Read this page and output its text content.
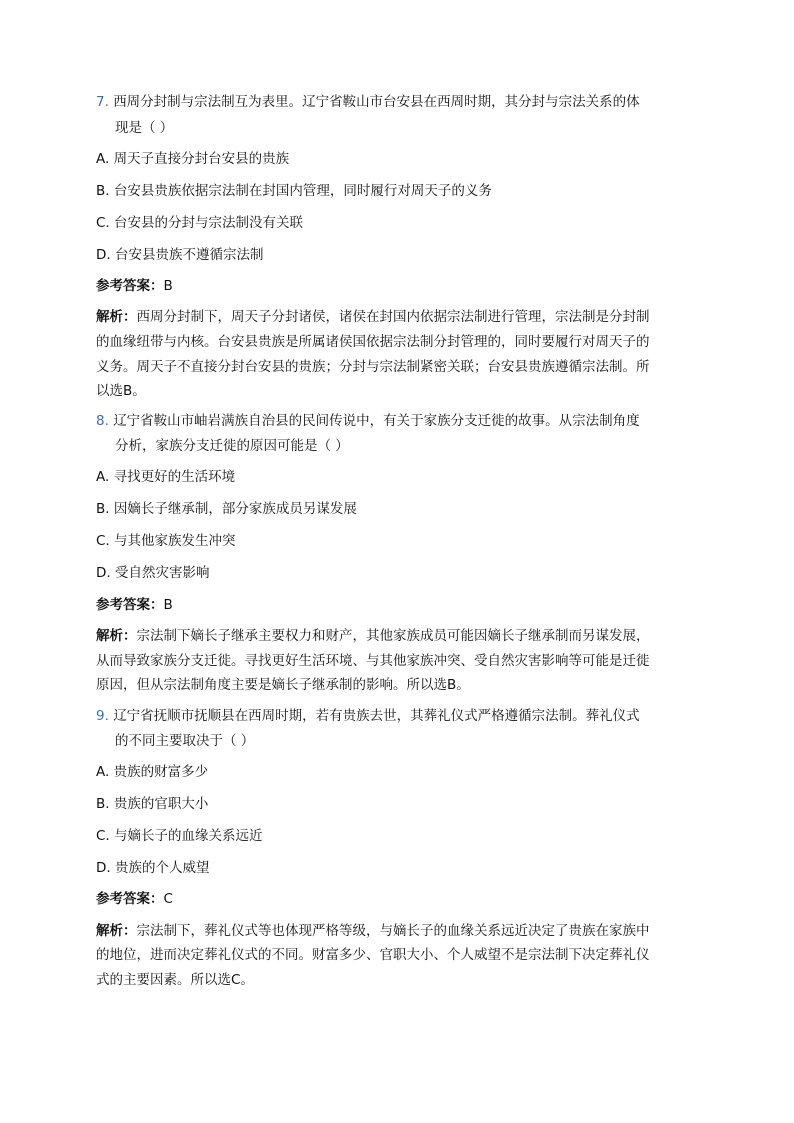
7. 西周分封制与宗法制互为表里。辽宁省鞍山市台安县在西周时期，其分封与宗法关系的体
现是（ ）
A. 周天子直接分封台安县的贵族
B. 台安县贵族依据宗法制在封国内管理，同时履行对周天子的义务
C. 台安县的分封与宗法制没有关联
D. 台安县贵族不遵循宗法制
参考答案：B
解析：西周分封制下，周天子分封诸侯，诸侯在封国内依据宗法制进行管理，宗法制是分封制
的血缘纽带与内核。台安县贵族是所属诸侯国依据宗法制分封管理的，同时要履行对周天子的
义务。周天子不直接分封台安县的贵族；分封与宗法制紧密关联；台安县贵族遵循宗法制。所
以选B。
8. 辽宁省鞍山市岫岩满族自治县的民间传说中，有关于家族分支迁徙的故事。从宗法制角度
分析，家族分支迁徙的原因可能是（ ）
A. 寻找更好的生活环境
B. 因嫡长子继承制，部分家族成员另谋发展
C. 与其他家族发生冲突
D. 受自然灾害影响
参考答案：B
解析：宗法制下嫡长子继承主要权力和财产，其他家族成员可能因嫡长子继承制而另谋发展，
从而导致家族分支迁徙。寻找更好生活环境、与其他家族冲突、受自然灾害影响等可能是迁徙
原因，但从宗法制角度主要是嫡长子继承制的影响。所以选B。
9. 辽宁省抚顺市抚顺县在西周时期，若有贵族去世，其葬礼仪式严格遵循宗法制。葬礼仪式
的不同主要取决于（ ）
A. 贵族的财富多少
B. 贵族的官职大小
C. 与嫡长子的血缘关系远近
D. 贵族的个人威望
参考答案：C
解析：宗法制下，葬礼仪式等也体现严格等级，与嫡长子的血缘关系远近决定了贵族在家族中
的地位，进而决定葬礼仪式的不同。财富多少、官职大小、个人威望不是宗法制下决定葬礼仪
式的主要因素。所以选C。
